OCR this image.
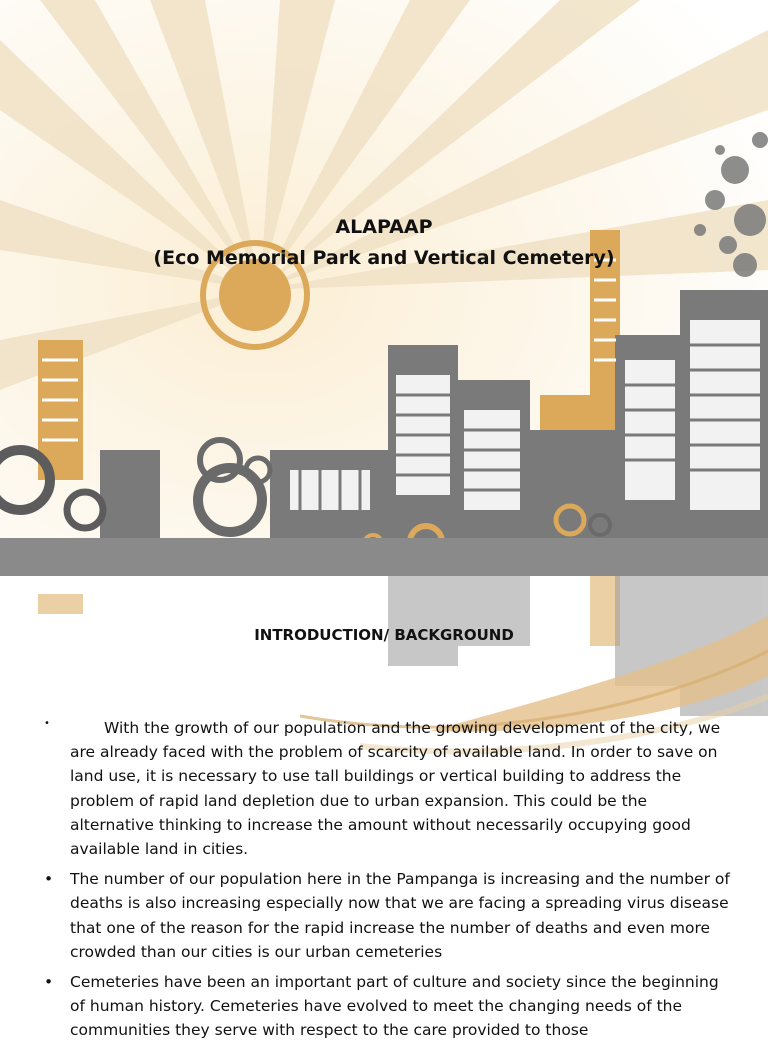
ALAPAAP
(Eco Memorial Park and Vertical Cemetery)
INTRODUCTION/ BACKGROUND
•	With the growth of our population and the growing development of the city, we are already faced with the problem of scarcity of available land. In order to save on land use, it is necessary to use tall buildings or vertical building to address the problem of rapid land depletion due to urban expansion. This could be the alternative thinking to increase the amount without necessarily occupying good available land in cities.
• The number of our population here in the Pampanga is increasing and the number of deaths is also increasing especially now that we are facing a spreading virus disease that one of the reason for the rapid increase the number of deaths and even more crowded than our cities is our urban cemeteries
• Cemeteries have been an important part of culture and society since the beginning of human history. Cemeteries have evolved to meet the changing needs of the communities they serve with respect to the care provided to those
